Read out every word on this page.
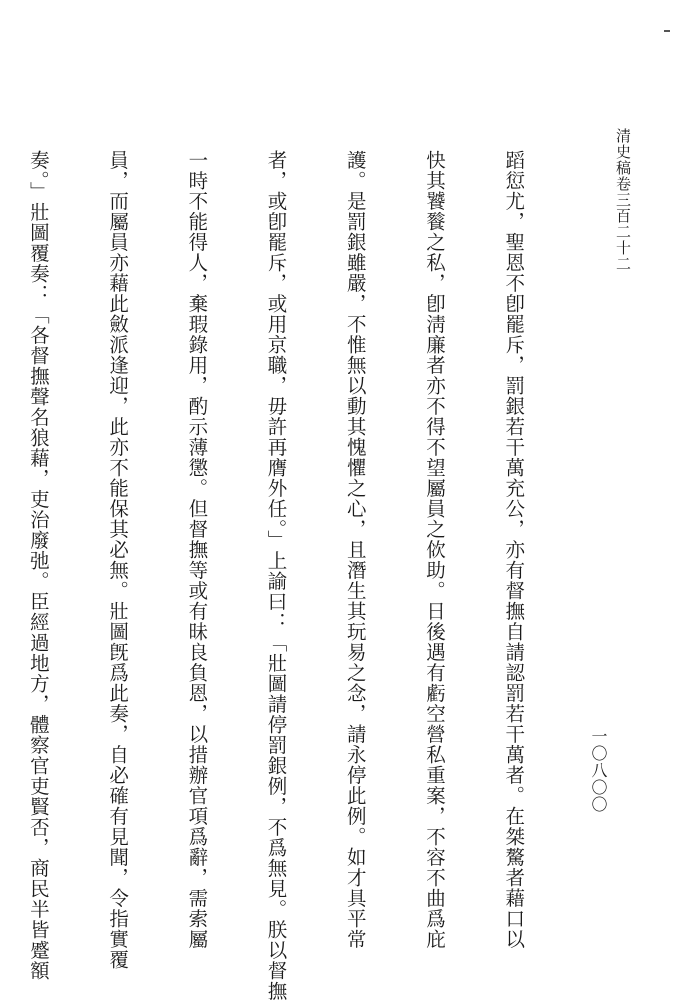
清史稿卷三百二十二
一〇八〇〇

蹈愆尤，聖恩不卽罷斥，罰銀若干萬充公，亦有督撫自請認罰若干萬者。在桀驁者藉口以

快其饕餮之私，卽淸廉者亦不得不望屬員之佽助。日後遇有虧空營私重案，不容不曲爲庇

護。是罰銀雖嚴，不惟無以動其愧懼之心，且潛生其玩易之念，請永停此例。如才具平常

者，或卽罷斥，或用京職，毋許再膺外任。」上諭曰：「壯圖請停罰銀例，不爲無見。朕以督撫

一時不能得人，棄瑕錄用，酌示薄懲。但督撫等或有昧良負恩，以措辦官項爲辭，需索屬

員，而屬員亦藉此斂派逢迎，此亦不能保其必無。壯圖旣爲此奏，自必確有見聞，令指實覆

奏。」壯圖覆奏：「各督撫聲名狼藉，吏治廢弛。臣經過地方，體察官吏賢否，商民半皆蹙額
